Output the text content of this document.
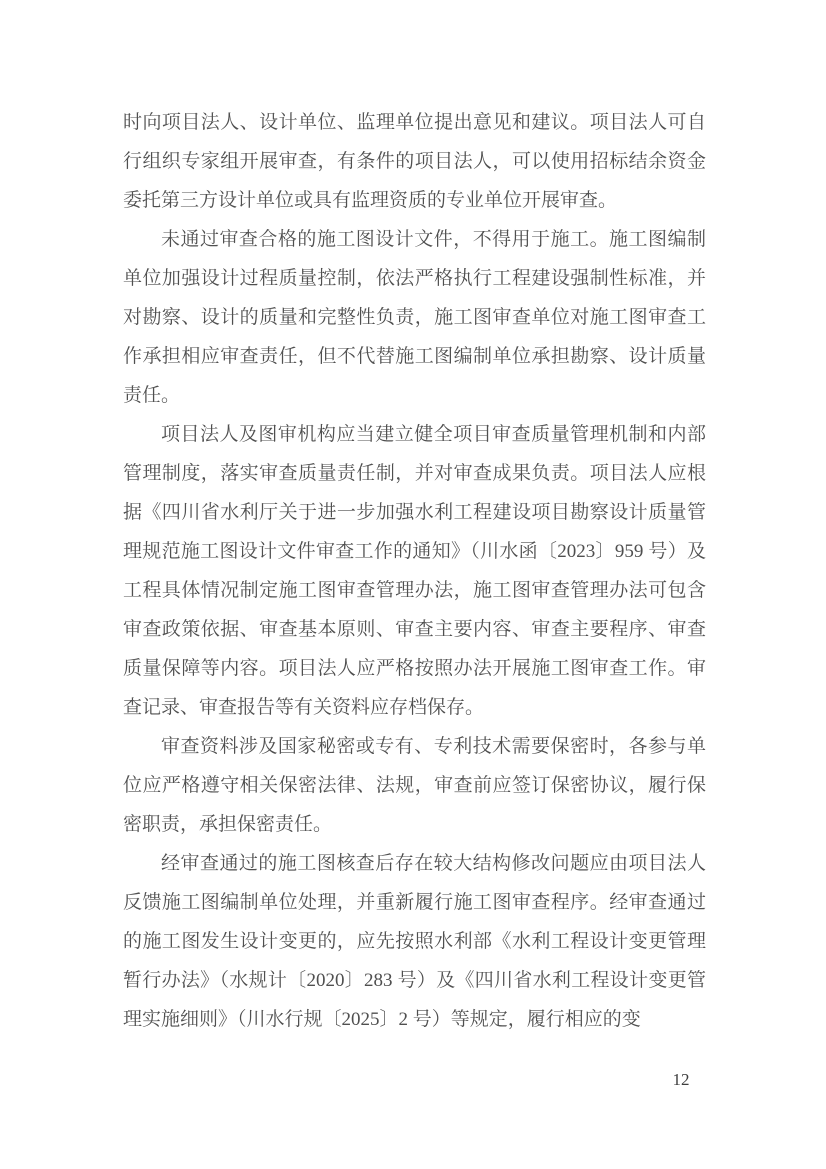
时向项目法人、设计单位、监理单位提出意见和建议。项目法人可自行组织专家组开展审查，有条件的项目法人，可以使用招标结余资金委托第三方设计单位或具有监理资质的专业单位开展审查。

未通过审查合格的施工图设计文件，不得用于施工。施工图编制单位加强设计过程质量控制，依法严格执行工程建设强制性标准，并对勘察、设计的质量和完整性负责，施工图审查单位对施工图审查工作承担相应审查责任，但不代替施工图编制单位承担勘察、设计质量责任。

项目法人及图审机构应当建立健全项目审查质量管理机制和内部管理制度，落实审查质量责任制，并对审查成果负责。项目法人应根据《四川省水利厅关于进一步加强水利工程建设项目勘察设计质量管理规范施工图设计文件审查工作的通知》（川水函〔2023〕959 号）及工程具体情况制定施工图审查管理办法，施工图审查管理办法可包含审查政策依据、审查基本原则、审查主要内容、审查主要程序、审查质量保障等内容。项目法人应严格按照办法开展施工图审查工作。审查记录、审查报告等有关资料应存档保存。

审查资料涉及国家秘密或专有、专利技术需要保密时，各参与单位应严格遵守相关保密法律、法规，审查前应签订保密协议，履行保密职责，承担保密责任。

经审查通过的施工图核查后存在较大结构修改问题应由项目法人反馈施工图编制单位处理，并重新履行施工图审查程序。经审查通过的施工图发生设计变更的，应先按照水利部《水利工程设计变更管理暂行办法》（水规计〔2020〕283 号）及《四川省水利工程设计变更管理实施细则》（川水行规〔2025〕2 号）等规定，履行相应的变

12
